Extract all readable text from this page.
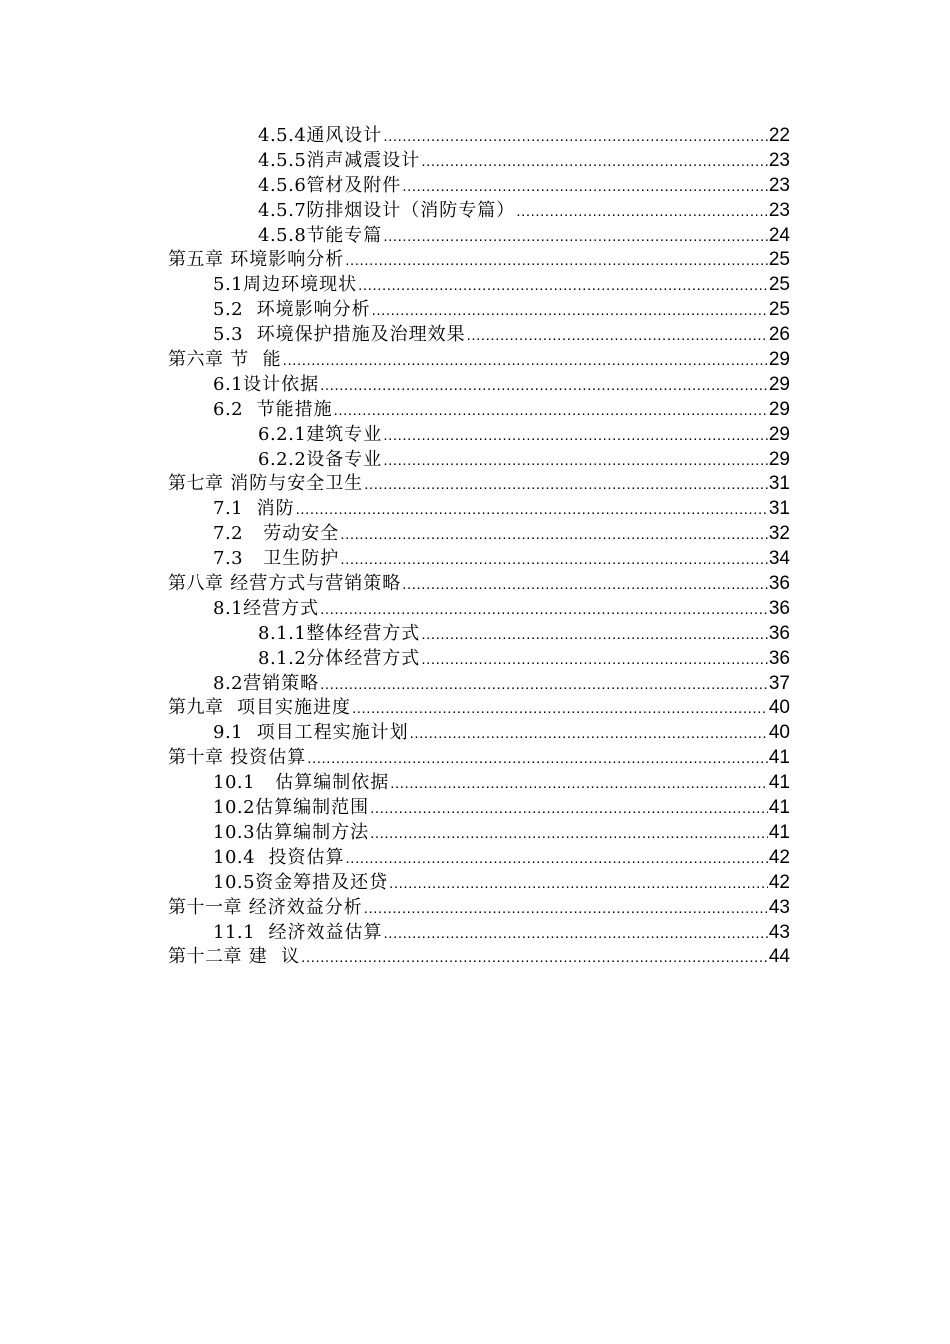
4.5.4 通风设计 .....	22
4.5.5 消声减震设计 .....	23
4.5.6 管材及附件 .....	23
4.5.7 防排烟设计（消防专篇） .....	23
4.5.8 节能专篇 .....	24
第五章 环境影响分析 .....	25
5.1 周边环境现状 .....	25
5.2 环境影响分析 .....	25
5.3 环境保护措施及治理效果 .....	26
第六章 节  能 .....	29
6.1 设计依据 .....	29
6.2 节能措施 .....	29
6.2.1 建筑专业 .....	29
6.2.2 设备专业 .....	29
第七章 消防与安全卫生 .....	31
7.1 消防 .....	31
7.2 劳动安全 .....	32
7.3 卫生防护 .....	34
第八章 经营方式与营销策略 .....	36
8.1 经营方式 .....	36
8.1.1 整体经营方式 .....	36
8.1.2 分体经营方式 .....	36
8.2 营销策略 .....	37
第九章 项目实施进度 .....	40
9.1 项目工程实施计划 .....	40
第十章 投资估算 .....	41
10.1 估算编制依据 .....	41
10.2 估算编制范围 .....	41
10.3 估算编制方法 .....	41
10.4 投资估算 .....	42
10.5 资金筹措及还贷 .....	42
第十一章 经济效益分析 .....	43
11.1 经济效益估算 .....	43
第十二章 建  议 .....	44
